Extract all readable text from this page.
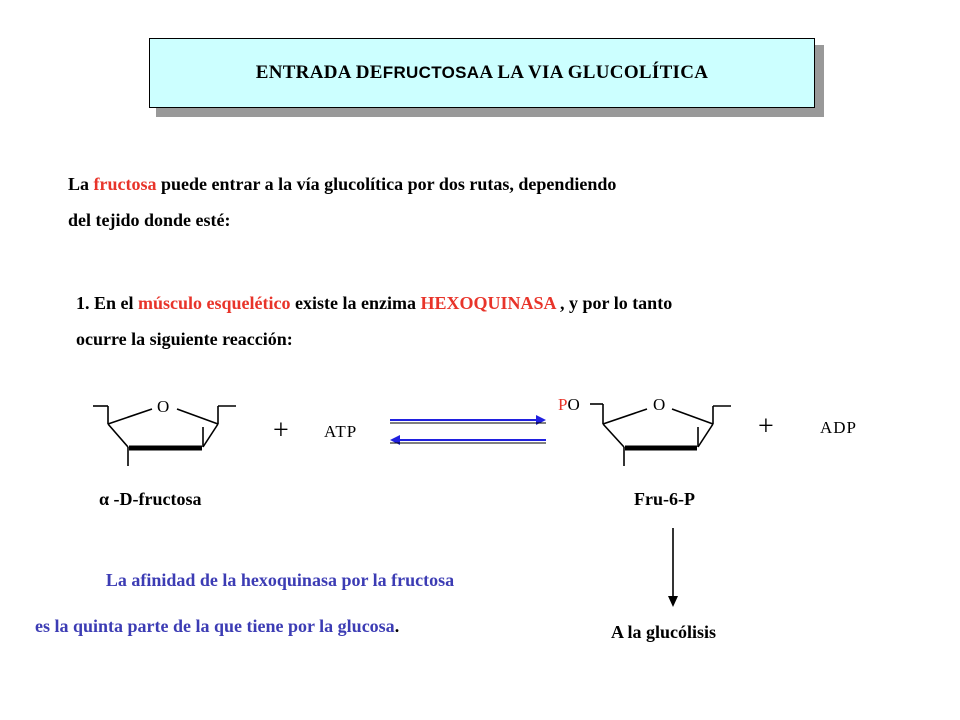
ENTRADA DE FRUCTOSA A LA VIA GLUCOLÍTICA
La fructosa puede entrar a la vía glucolítica por dos rutas, dependiendo
del tejido donde esté:
1. En el músculo esquelético existe la enzima HEXOQUINASA , y por lo tanto
ocurre la siguiente reacción:
O	O
PO
+ ATP	+	ADP
α -D-fructosa	Fru-6-P
A la glucólisis
La afinidad de la hexoquinasa por la fructosa
es la quinta parte de la que tiene por la glucosa.
